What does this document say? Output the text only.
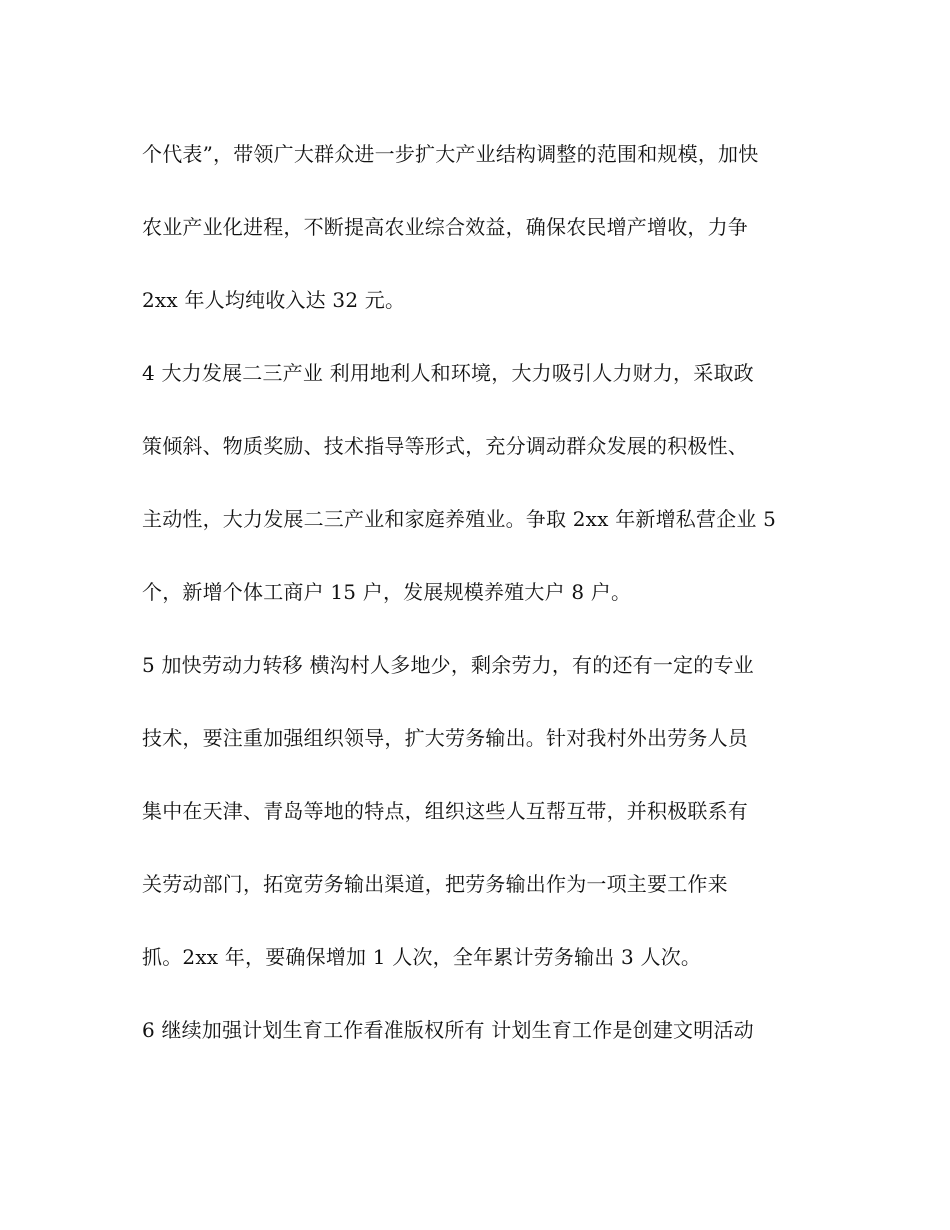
个代表”，带领广大群众进一步扩大产业结构调整的范围和规模，加快
农业产业化进程，不断提高农业综合效益，确保农民增产增收，力争
2xx 年人均纯收入达 32 元。
4 大力发展二三产业 利用地利人和环境，大力吸引人力财力，采取政
策倾斜、物质奖励、技术指导等形式，充分调动群众发展的积极性、
主动性，大力发展二三产业和家庭养殖业。争取 2xx 年新增私营企业 5
个，新增个体工商户 15 户，发展规模养殖大户 8 户。
5 加快劳动力转移 横沟村人多地少，剩余劳力，有的还有一定的专业
技术，要注重加强组织领导，扩大劳务输出。针对我村外出劳务人员
集中在天津、青岛等地的特点，组织这些人互帮互带，并积极联系有
关劳动部门，拓宽劳务输出渠道，把劳务输出作为一项主要工作来
抓。2xx 年，要确保增加 1 人次，全年累计劳务输出 3 人次。
6 继续加强计划生育工作看准版权所有 计划生育工作是创建文明活动
